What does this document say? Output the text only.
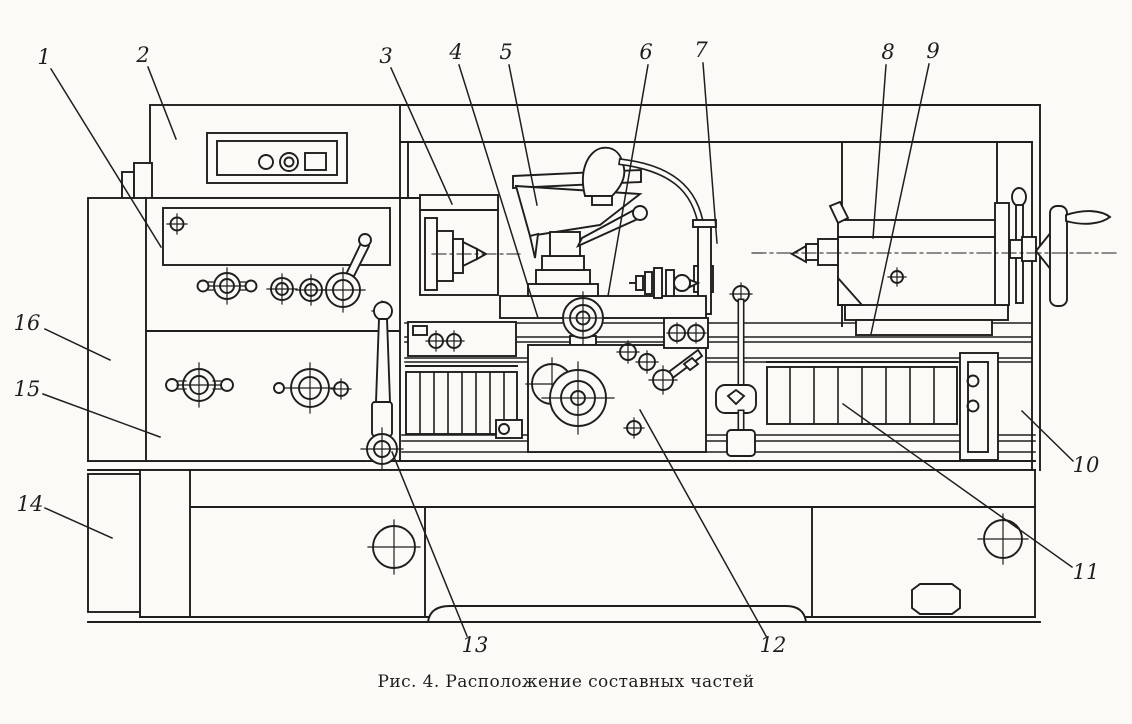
1	2	3	4 5	6 7	8 9
10
11
12
13
14
15
16
Рис. 4. Расположение составных частей
